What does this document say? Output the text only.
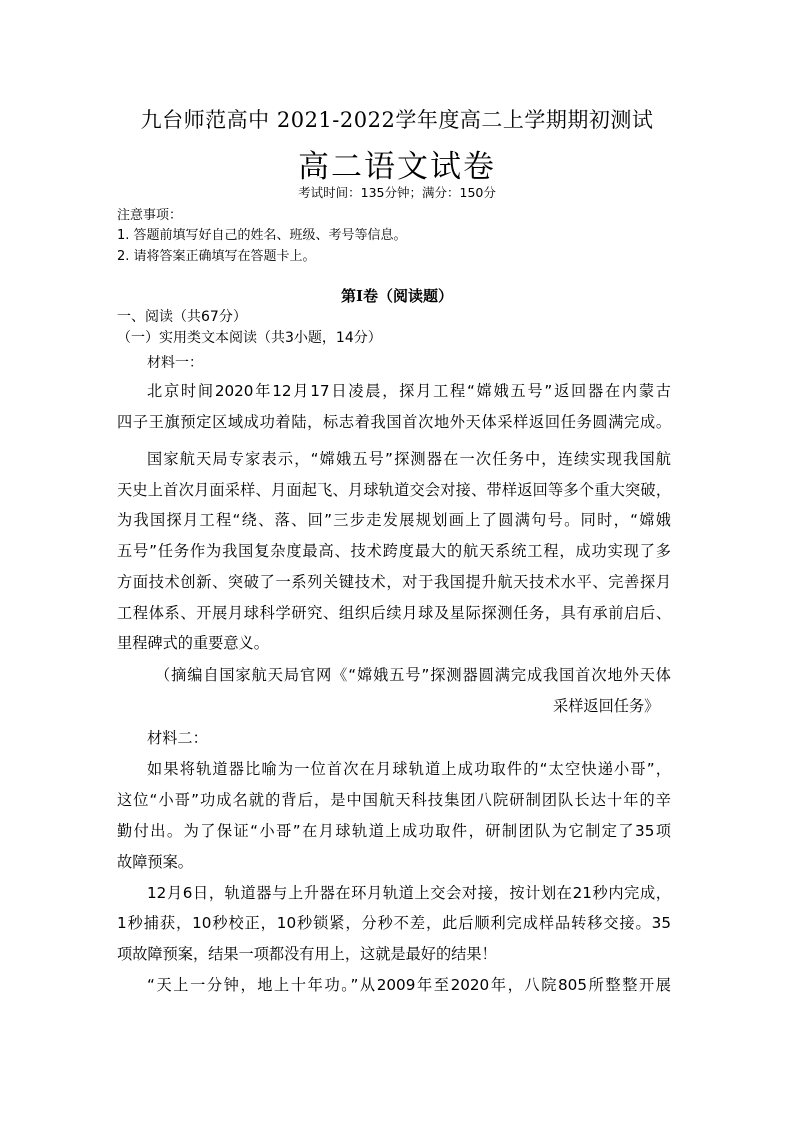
九台师范高中 2021-2022学年度高二上学期期初测试
高二语文试卷
考试时间：135分钟；满分：150分
注意事项：
1. 答题前填写好自己的姓名、班级、考号等信息。
2. 请将答案正确填写在答题卡上。
第I卷（阅读题）
一、阅读（共67分）
（一）实用类文本阅读（共3小题，14分）
材料一：
北京时间2020年12月17日凌晨，探月工程“嫦娥五号”返回器在内蒙古
四子王旗预定区域成功着陆，标志着我国首次地外天体采样返回任务圆满完成。
国家航天局专家表示，“嫦娥五号”探测器在一次任务中，连续实现我国航
天史上首次月面采样、月面起飞、月球轨道交会对接、带样返回等多个重大突破，
为我国探月工程“绕、落、回”三步走发展规划画上了圆满句号。同时，“嫦娥
五号”任务作为我国复杂度最高、技术跨度最大的航天系统工程，成功实现了多
方面技术创新、突破了一系列关键技术，对于我国提升航天技术水平、完善探月
工程体系、开展月球科学研究、组织后续月球及星际探测任务，具有承前启后、
里程碑式的重要意义。
（摘编自国家航天局官网《“嫦娥五号”探测器圆满完成我国首次地外天体
采样返回任务》
材料二：
如果将轨道器比喻为一位首次在月球轨道上成功取件的“太空快递小哥”，
这位“小哥”功成名就的背后，是中国航天科技集团八院研制团队长达十年的辛
勤付出。为了保证“小哥”在月球轨道上成功取件，研制团队为它制定了35项
故障预案。
12月6日，轨道器与上升器在环月轨道上交会对接，按计划在21秒内完成，
1秒捕获，10秒校正，10秒锁紧，分秒不差，此后顺利完成样品转移交接。35
项故障预案，结果一项都没有用上，这就是最好的结果！
“天上一分钟，地上十年功。”从2009年至2020年，八院805所整整开展
